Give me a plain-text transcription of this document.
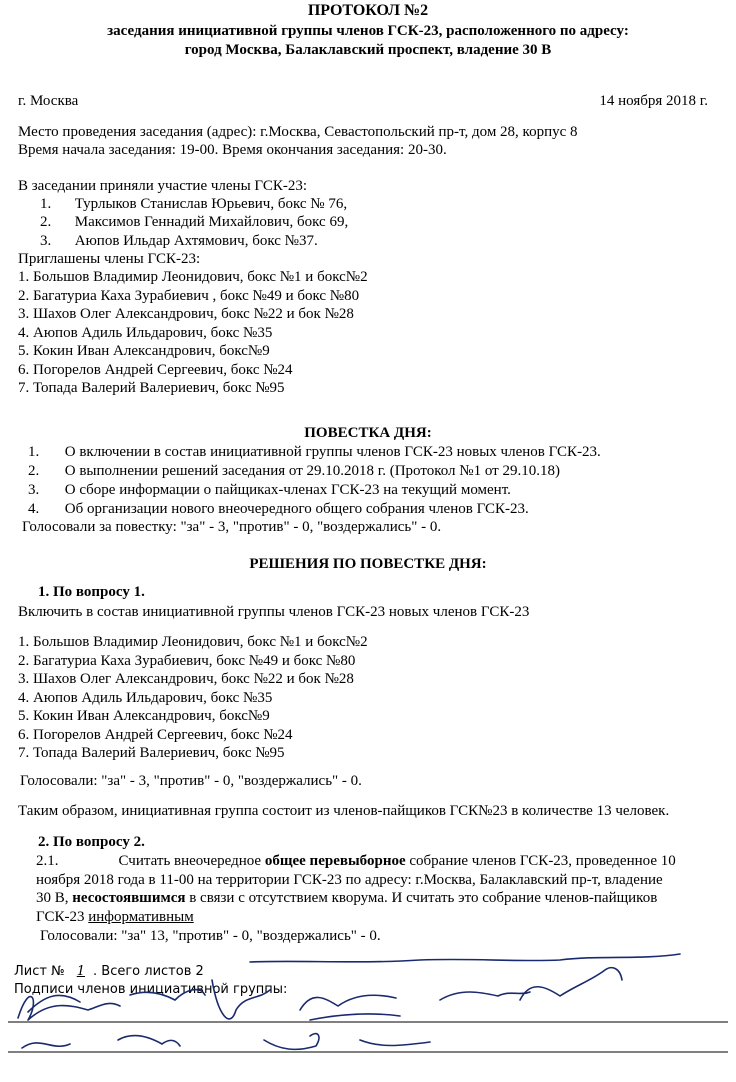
ПРОТОКОЛ №2
заседания инициативной группы членов ГСК-23, расположенного по адресу:
город Москва, Балаклавский проспект, владение 30 В
г. Москва	14 ноября 2018 г.
Место проведения заседания (адрес): г.Москва, Севастопольский пр-т, дом 28, корпус 8
Время начала заседания: 19-00. Время окончания заседания: 20-30.
В заседании приняли участие члены ГСК-23:
1. Турлыков Станислав Юрьевич, бокс № 76,
2. Максимов Геннадий Михайлович, бокс 69,
3. Аюпов Ильдар Ахтямович, бокс №37.
Приглашены члены ГСК-23:
1. Большов Владимир Леонидович, бокс №1 и бокс№2
2. Багатуриа Каха Зурабиевич , бокс №49 и бокс №80
3. Шахов Олег Александрович, бокс №22 и бок №28
4. Аюпов Адиль Ильдарович, бокс №35
5. Кокин Иван Александрович, бокс№9
6. Погорелов Андрей Сергеевич, бокс №24
7. Топада Валерий Валериевич, бокс №95
ПОВЕСТКА ДНЯ:
1. О включении в состав инициативной группы членов ГСК-23 новых членов ГСК-23.
2. О выполнении решений заседания от 29.10.2018 г. (Протокол №1 от 29.10.18)
3. О сборе информации о пайщиках-членах ГСК-23 на текущий момент.
4. Об организации нового внеочередного общего собрания членов ГСК-23.
Голосовали за повестку: "за" - 3, "против" - 0, "воздержались" - 0.
РЕШЕНИЯ ПО ПОВЕСТКЕ ДНЯ:
1. По вопросу 1.
Включить в состав инициативной группы членов ГСК-23 новых членов ГСК-23
1. Большов Владимир Леонидович, бокс №1 и бокс№2
2. Багатуриа Каха Зурабиевич, бокс №49 и бокс №80
3. Шахов Олег Александрович, бокс №22 и бок №28
4. Аюпов Адиль Ильдарович, бокс №35
5. Кокин Иван Александрович, бокс№9
6. Погорелов Андрей Сергеевич, бокс №24
7. Топада Валерий Валериевич, бокс №95
Голосовали: "за" - 3, "против" - 0, "воздержались" - 0.
Таким образом, инициативная группа состоит из членов-пайщиков ГСК№23 в количестве 13 человек.
2. По вопросу 2.
2.1.	Считать внеочередное общее перевыборное собрание членов ГСК-23, проведенное 10
ноября 2018 года в 11-00 на территории ГСК-23 по адресу: г.Москва, Балаклавский пр-т, владение
30 В, несостоявшимся в связи с отсутствием кворума. И считать это собрание членов-пайщиков
ГСК-23 информативным
Голосовали: "за" 13, "против" - 0, "воздержались" - 0.
Лист № 1 . Всего листов 2
Подписи членов инициативной группы:
